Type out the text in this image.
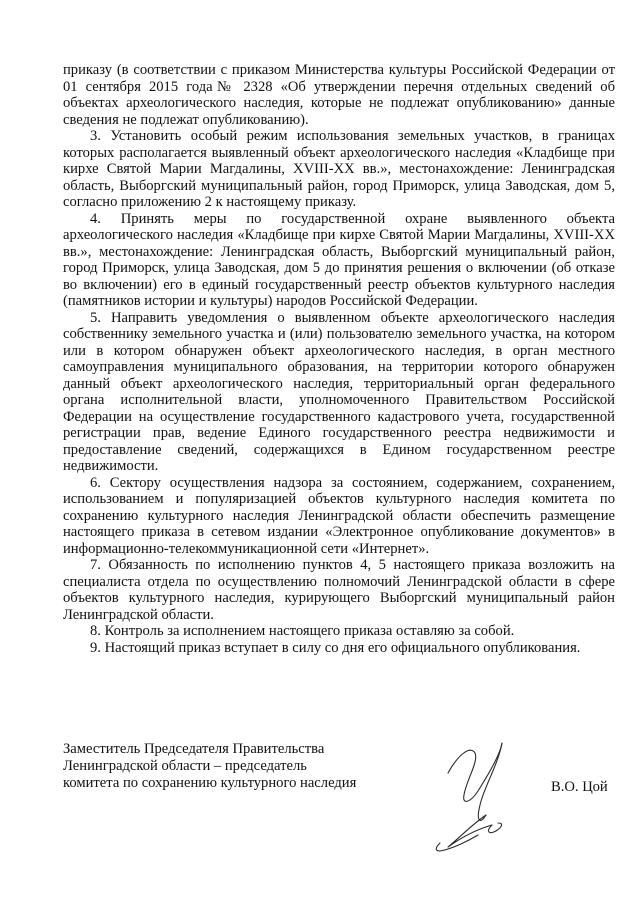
приказу (в соответствии с приказом Министерства культуры Российской Федерации от 01 сентября 2015 года№ 2328 «Об утверждении перечня отдельных сведений об объектах археологического наследия, которые не подлежат опубликованию» данные сведения не подлежат опубликованию).

3. Установить особый режим использования земельных участков, в границах которых располагается выявленный объект археологического наследия «Кладбище при кирхе Святой Марии Магдалины, XVIII-XX вв.», местонахождение: Ленинградская область, Выборгский муниципальный район, город Приморск, улица Заводская, дом 5, согласно приложению 2 к настоящему приказу.

4. Принять меры по государственной охране выявленного объекта археологического наследия «Кладбище при кирхе Святой Марии Магдалины, XVIII-XX вв.», местонахождение: Ленинградская область, Выборгский муниципальный район, город Приморск, улица Заводская, дом 5 до принятия решения о включении (об отказе во включении) его в единый государственный реестр объектов культурного наследия (памятников истории и культуры) народов Российской Федерации.

5. Направить уведомления о выявленном объекте археологического наследия собственнику земельного участка и (или) пользователю земельного участка, на котором или в котором обнаружен объект археологического наследия, в орган местного самоуправления муниципального образования, на территории которого обнаружен данный объект археологического наследия, территориальный орган федерального органа исполнительной власти, уполномоченного Правительством Российской Федерации на осуществление государственного кадастрового учета, государственной регистрации прав, ведение Единого государственного реестра недвижимости и предоставление сведений, содержащихся в Едином государственном реестре недвижимости.

6. Сектору осуществления надзора за состоянием, содержанием, сохранением, использованием и популяризацией объектов культурного наследия комитета по сохранению культурного наследия Ленинградской области обеспечить размещение настоящего приказа в сетевом издании «Электронное опубликование документов» в информационно-телекоммуникационной сети «Интернет».

7. Обязанность по исполнению пунктов 4, 5 настоящего приказа возложить на специалиста отдела по осуществлению полномочий Ленинградской области в сфере объектов культурного наследия, курирующего Выборгский муниципальный район Ленинградской области.

8. Контроль за исполнением настоящего приказа оставляю за собой.

9. Настоящий приказ вступает в силу со дня его официального опубликования.

Заместитель Председателя Правительства
Ленинградской области – председатель
комитета по сохранению культурного наследия	В.О. Цой
